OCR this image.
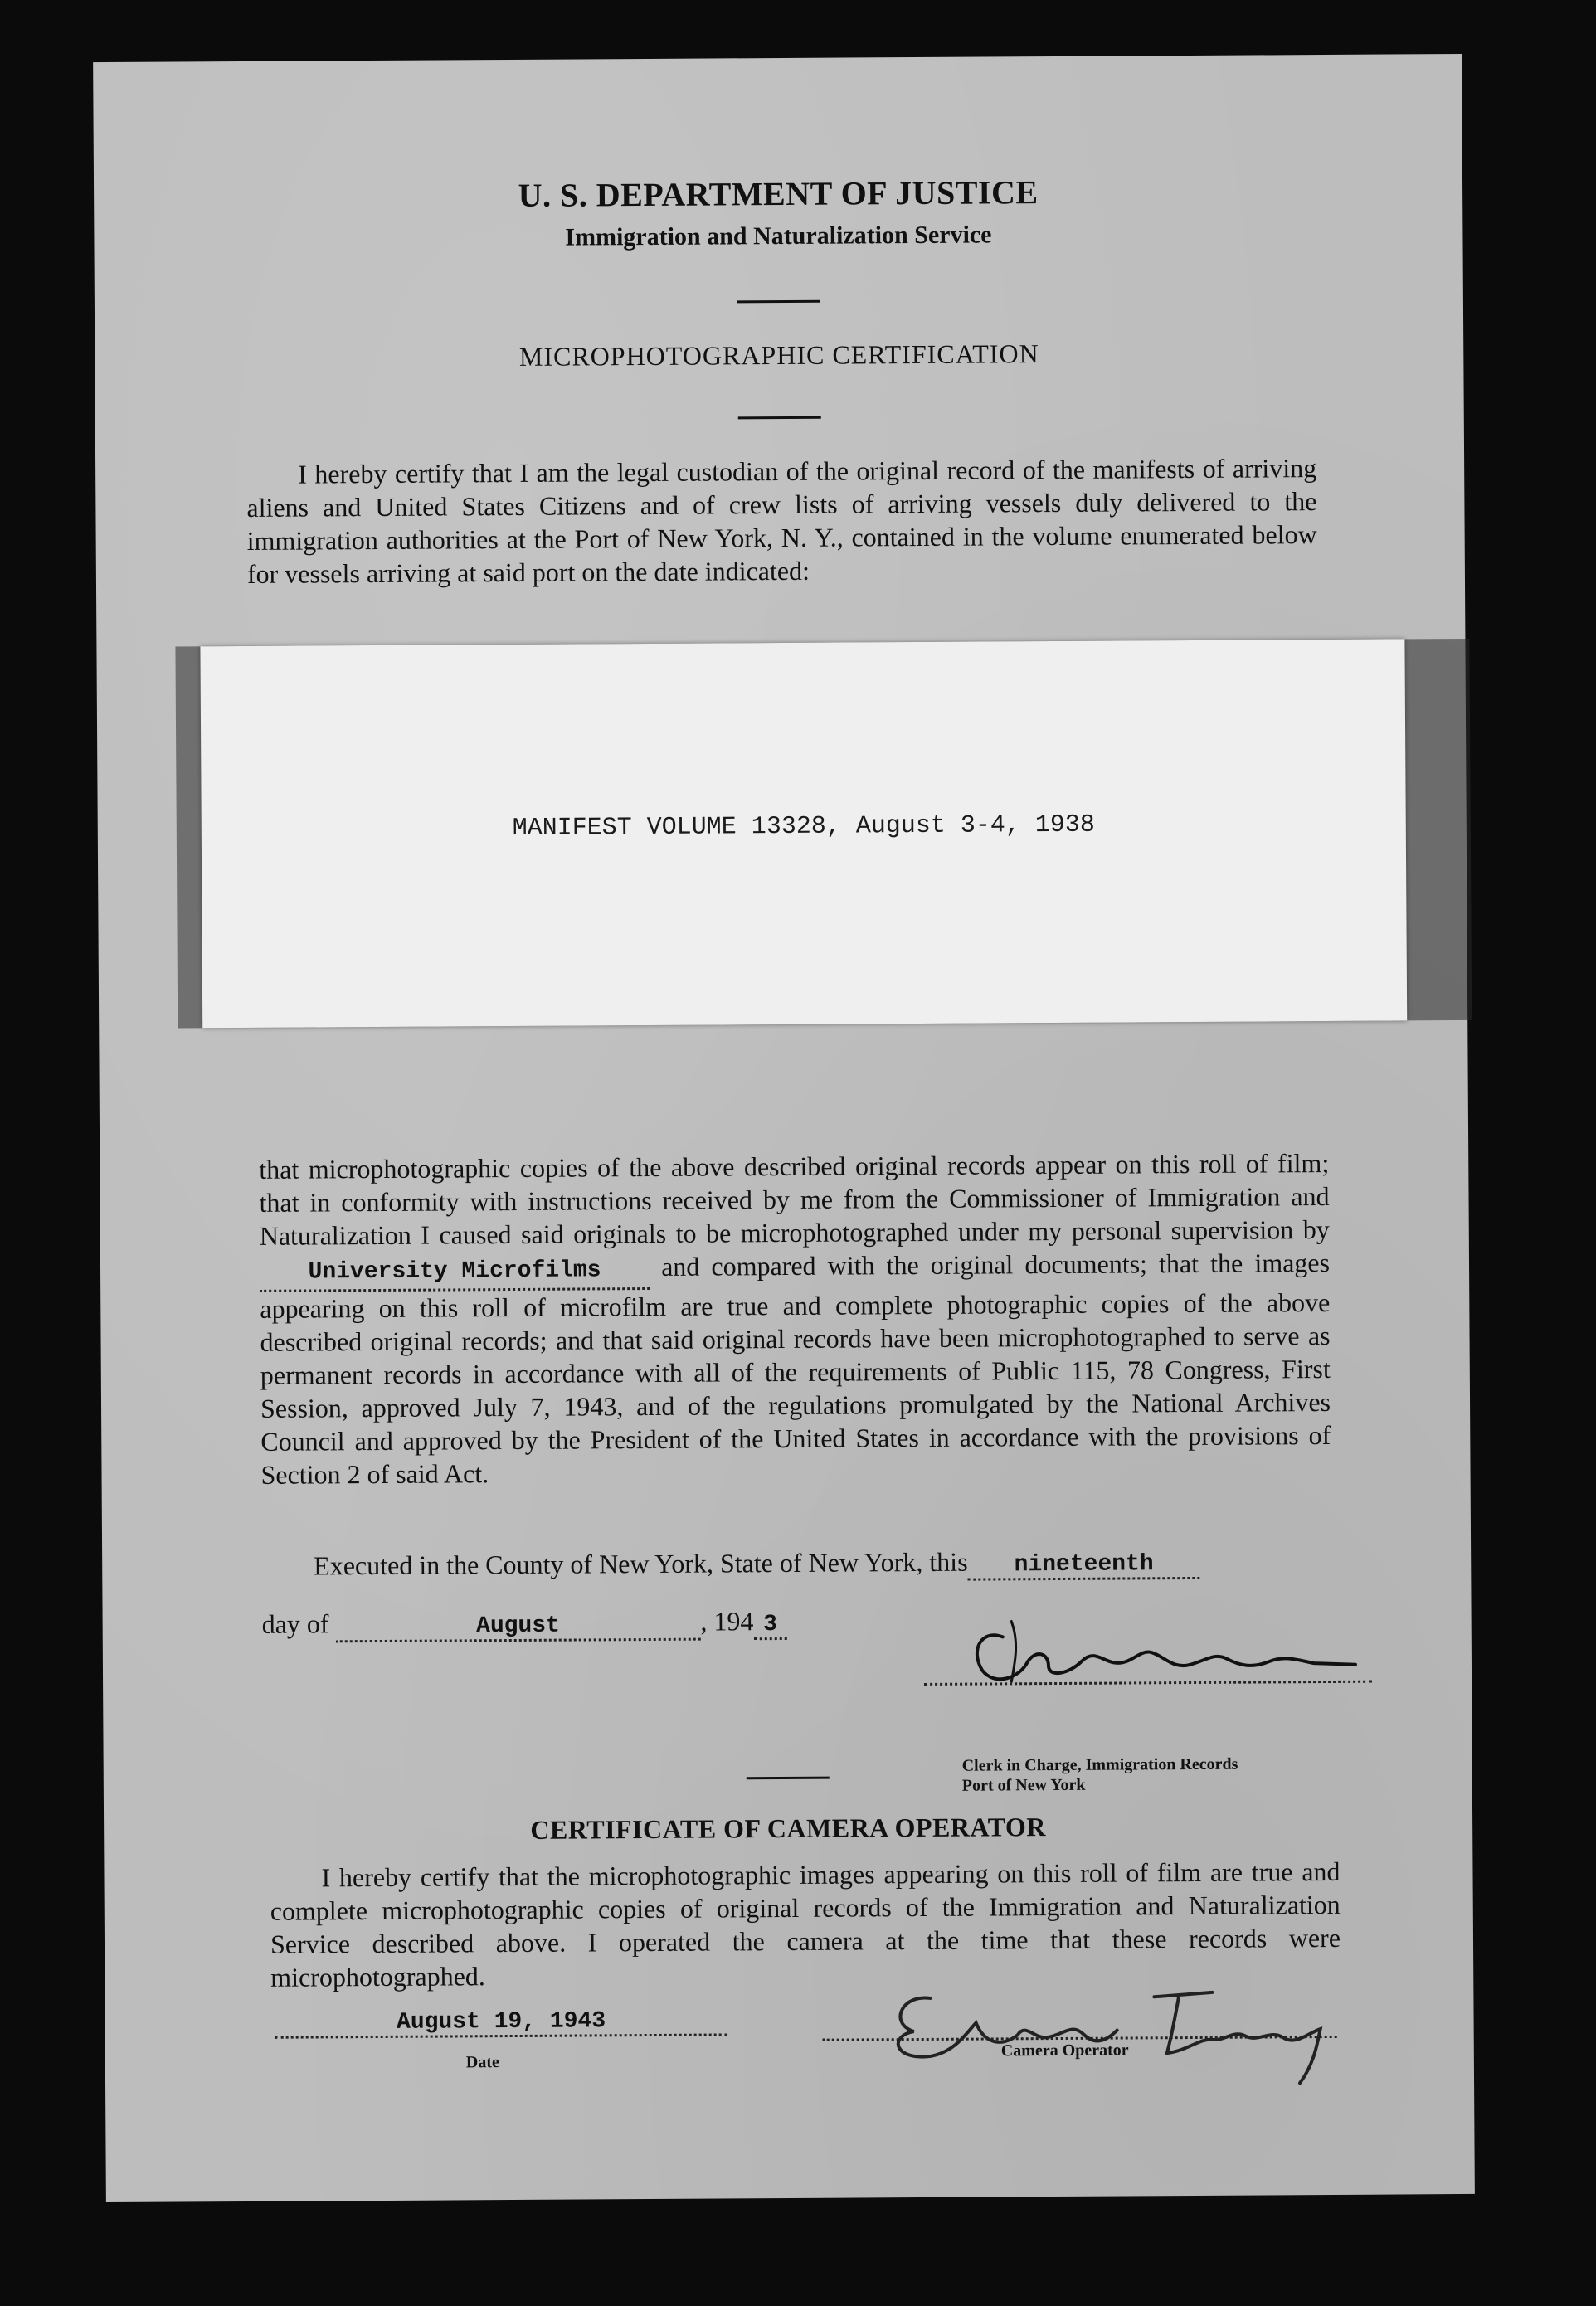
U. S. DEPARTMENT OF JUSTICE
Immigration and Naturalization Service
MICROPHOTOGRAPHIC CERTIFICATION

I hereby certify that I am the legal custodian of the original record of the manifests of arriving aliens and United States Citizens and of crew lists of arriving vessels duly delivered to the immigration authorities at the Port of New York, N. Y., contained in the volume enumerated below for vessels arriving at said port on the date indicated:

MANIFEST VOLUME 13328, August 3-4, 1938

that microphotographic copies of the above described original records appear on this roll of film; that in conformity with instructions received by me from the Commissioner of Immigration and Naturalization I caused said originals to be microphotographed under my personal supervision by University Microfilms and compared with the original documents; that the images appearing on this roll of microfilm are true and complete photographic copies of the above described original records; and that said original records have been microphotographed to serve as permanent records in accordance with all of the requirements of Public 115, 78 Congress, First Session, approved July 7, 1943, and of the regulations promulgated by the National Archives Council and approved by the President of the United States in accordance with the provisions of Section 2 of said Act.

Executed in the County of New York, State of New York, this nineteenth
day of	August	, 194 3
Clerk in Charge, Immigration Records
Port of New York
CERTIFICATE OF CAMERA OPERATOR

I hereby certify that the microphotographic images appearing on this roll of film are true and complete microphotographic copies of original records of the Immigration and Naturalization Service described above. I operated the camera at the time that these records were microphotographed.

August 19, 1943
Date
Camera Operator
